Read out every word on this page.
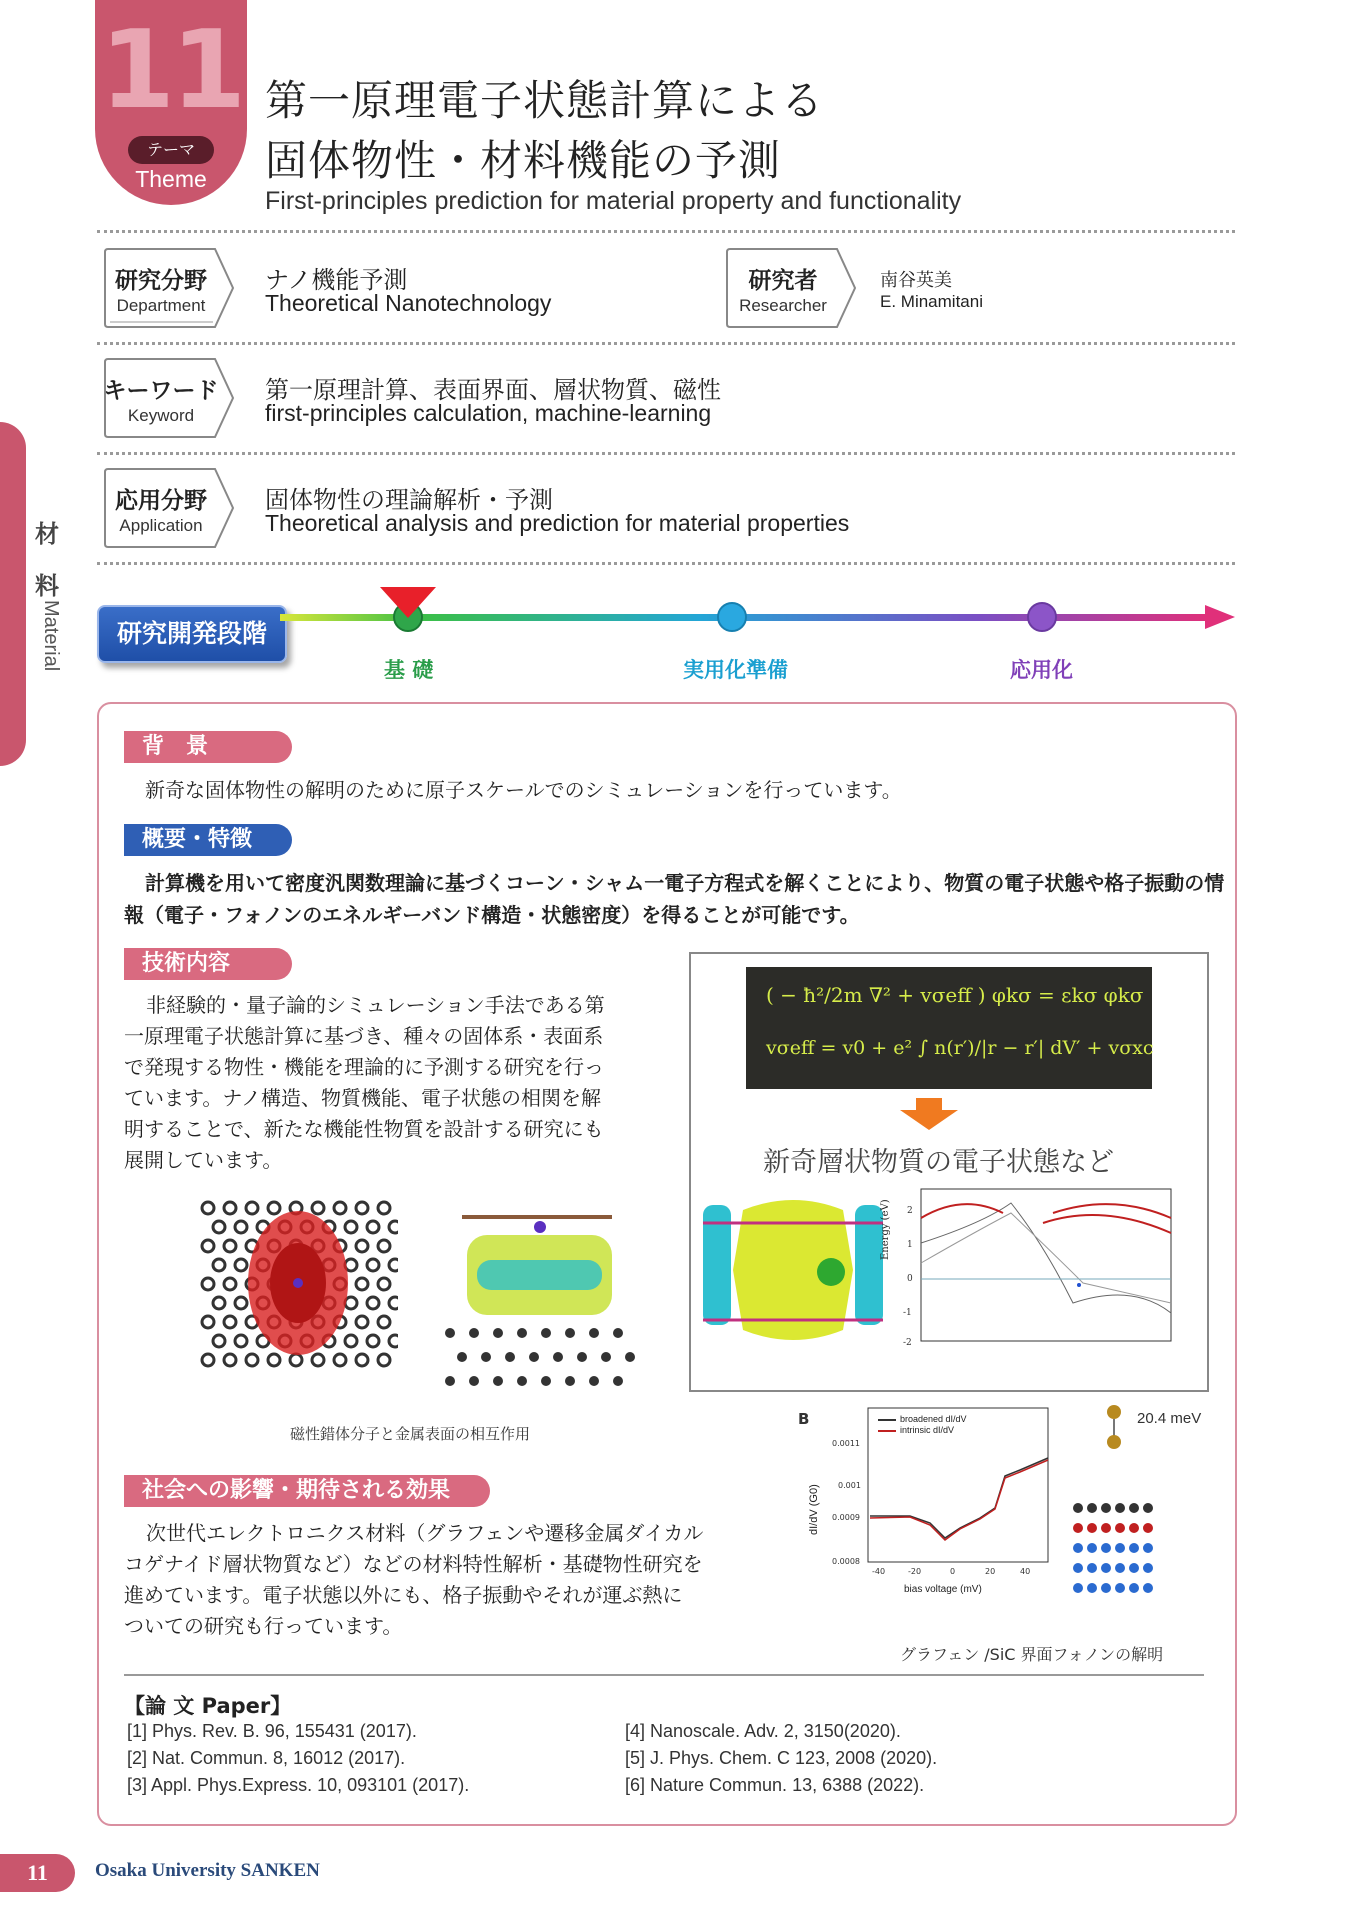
11
テーマ
Theme
第一原理電子状態計算による
固体物性・材料機能の予測
First-principles prediction for material property and functionality
研究分野
Department
ナノ機能予測
Theoretical Nanotechnology
研究者
Researcher
南谷英美
E. Minamitani
キーワード
Keyword
第一原理計算、表面界面、層状物質、磁性
first-principles calculation, machine-learning
応用分野
Application
固体物性の理論解析・予測
Theoretical analysis and prediction for material properties
材
料
Material	研究開発段階
基 礎	実用化準備	応用化
背　景
新奇な固体物性の解明のために原子スケールでのシミュレーションを行っています。
概要・特徴
計算機を用いて密度汎関数理論に基づくコーン・シャム一電子方程式を解くことにより、物質の電子状態や格子振動の情
報（電子・フォノンのエネルギーバンド構造・状態密度）を得ることが可能です。
技術内容
非経験的・量子論的シミュレーション手法である第
一原理電子状態計算に基づき、種々の固体系・表面系
で発現する物性・機能を理論的に予測する研究を行っ
ています。ナノ構造、物質機能、電子状態の相関を解
明することで、新たな機能性物質を設計する研究にも
展開しています。
磁性錯体分子と金属表面の相互作用
( − ħ²/2m ∇² + vσeff ) φkσ = εkσ φkσ
vσeff = v0 + e² ∫ n(r′)/|r − r′| dV′ + vσxc
新奇層状物質の電子状態など
2
1
0
-1
-2
Energy (eV)
B
0.0011
0.001
0.0009
0.0008
-40	-20	0	20	40
broadened dI/dV
intrinsic dI/dV
dI/dV (G0)
bias voltage (mV)
20.4 meV
グラフェン /SiC 界面フォノンの解明
社会への影響・期待される効果
次世代エレクトロニクス材料（グラフェンや遷移金属ダイカル
コゲナイド層状物質など）などの材料特性解析・基礎物性研究を
進めています。電子状態以外にも、格子振動やそれが運ぶ熱に
ついての研究も行っています。
【論 文 Paper】
[1] Phys. Rev. B. 96, 155431 (2017).
[2] Nat. Commun. 8, 16012 (2017).
[3] Appl. Phys.Express. 10, 093101 (2017).
[4] Nanoscale. Adv. 2, 3150(2020).
[5] J. Phys. Chem. C 123, 2008 (2020).
[6] Nature Commun. 13, 6388 (2022).
11	Osaka University SANKEN
